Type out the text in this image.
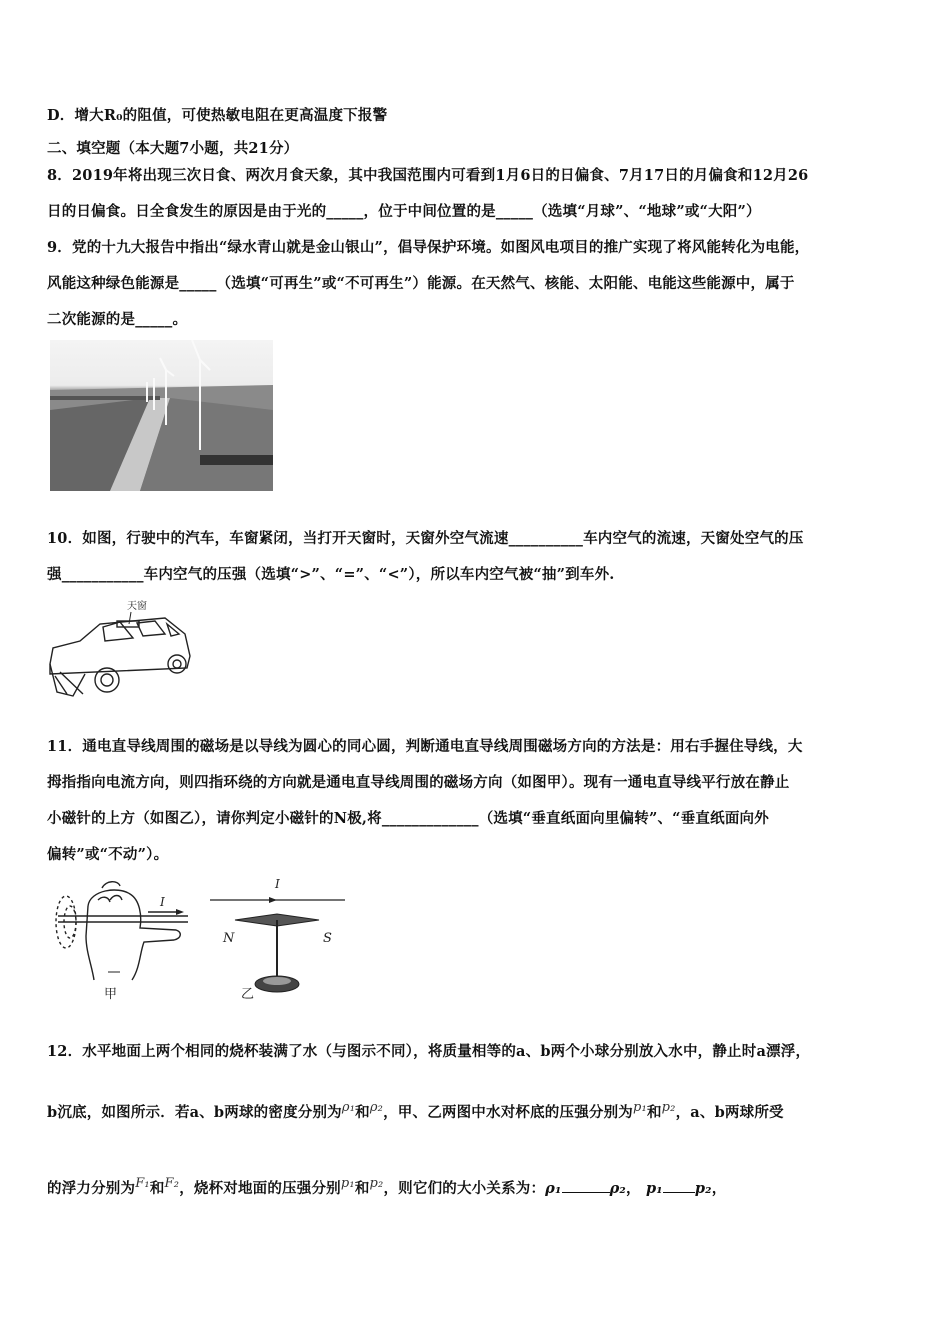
D．增大R₀的阻值，可使热敏电阻在更高温度下报警
二、填空题（本大题7小题，共21分）
8．2019年将出现三次日食、两次月食天象，其中我国范围内可看到1月6日的日偏食、7月17日的月偏食和12月26
日的日偏食。日全食发生的原因是由于光的_____，位于中间位置的是_____（选填“月球”、“地球”或“大阳”）
9．党的十九大报告中指出“绿水青山就是金山银山”，倡导保护环境。如图风电项目的推广实现了将风能转化为电能，
风能这种绿色能源是_____（选填“可再生”或“不可再生”）能源。在天然气、核能、太阳能、电能这些能源中，属于
二次能源的是_____。
10．如图，行驶中的汽车，车窗紧闭，当打开天窗时，天窗外空气流速__________车内空气的流速，天窗处空气的压
强___________车内空气的压强（选填“>”、“=”、“<”），所以车内空气被“抽”到车外.
天窗
11．通电直导线周围的磁场是以导线为圆心的同心圆，判断通电直导线周围磁场方向的方法是：用右手握住导线，大
拇指指向电流方向，则四指环绕的方向就是通电直导线周围的磁场方向（如图甲）。现有一通电直导线平行放在静止
小磁针的上方（如图乙），请你判定小磁针的N极,将_____________（选填“垂直纸面向里偏转”、“垂直纸面向外
偏转”或“不动”）。
I
甲
I
N	S
乙
12．水平地面上两个相同的烧杯装满了水（与图示不同），将质量相等的a、b两个小球分别放入水中，静止时a漂浮，
b沉底，如图所示．若a、b两球的密度分别为$^{\rho_1}$和$^{\rho_2}$，甲、乙两图中水对杯底的压强分别为$^{p_1}$和$^{p_2}$，a、b两球所受
的浮力分别为$^{F_1}$和$^{F_2}$，烧杯对地面的压强分别$^{p_1}$和$^{p_2}$，则它们的大小关系为：ρ₁	ρ₂， p₁ p₂，
